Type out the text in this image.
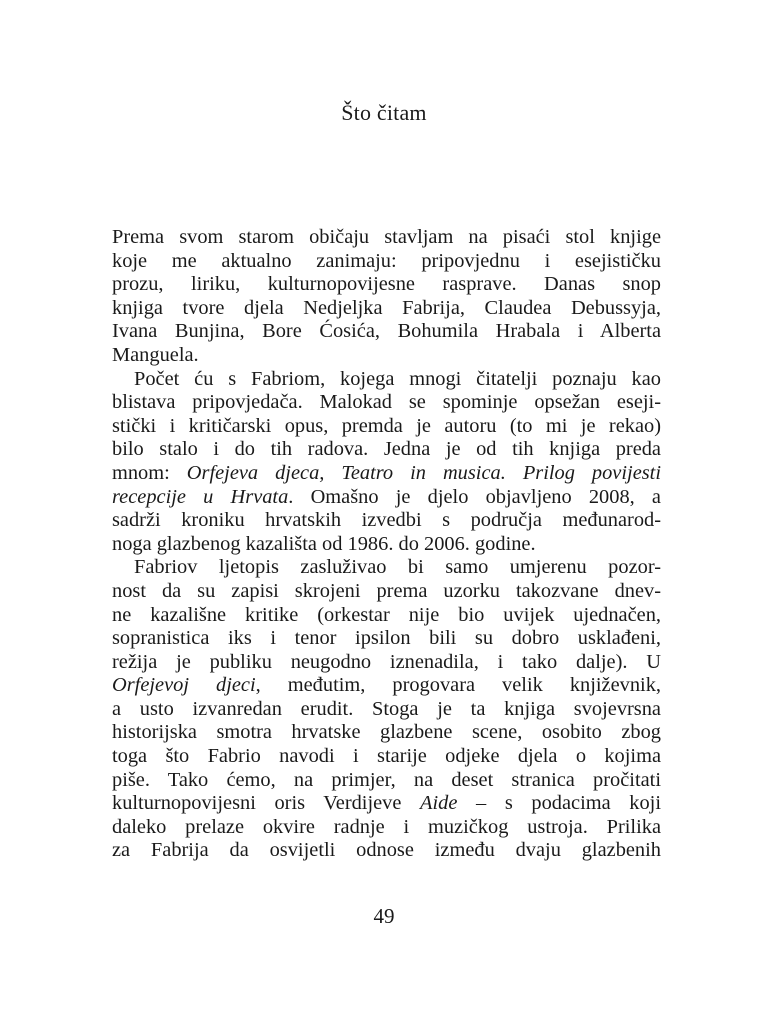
Što čitam
Prema svom starom običaju stavljam na pisaći stol knjige
koje me aktualno zanimaju: pripovjednu i esejističku
prozu, liriku, kulturnopovijesne rasprave. Danas snop
knjiga tvore djela Nedjeljka Fabrija, Claudea Debussyja,
Ivana Bunjina, Bore Ćosića, Bohumila Hrabala i Alberta
Manguela.
Počet ću s Fabriom, kojega mnogi čitatelji poznaju kao
blistava pripovjedača. Malokad se spominje opsežan eseji-
stički i kritičarski opus, premda je autoru (to mi je rekao)
bilo stalo i do tih radova. Jedna je od tih knjiga preda
mnom: Orfejeva djeca, Teatro in musica. Prilog povijesti
recepcije u Hrvata. Omašno je djelo objavljeno 2008, a
sadrži kroniku hrvatskih izvedbi s područja međunarod-
noga glazbenog kazališta od 1986. do 2006. godine.
Fabriov ljetopis zasluživao bi samo umjerenu pozor-
nost da su zapisi skrojeni prema uzorku takozvane dnev-
ne kazališne kritike (orkestar nije bio uvijek ujednačen,
sopranistica iks i tenor ipsilon bili su dobro usklađeni,
režija je publiku neugodno iznenadila, i tako dalje). U
Orfejevoj djeci, međutim, progovara velik književnik,
a usto izvanredan erudit. Stoga je ta knjiga svojevrsna
historijska smotra hrvatske glazbene scene, osobito zbog
toga što Fabrio navodi i starije odjeke djela o kojima
piše. Tako ćemo, na primjer, na deset stranica pročitati
kulturnopovijesni oris Verdijeve Aide – s podacima koji
daleko prelaze okvire radnje i muzičkog ustroja. Prilika
za Fabrija da osvijetli odnose između dvaju glazbenih
49
